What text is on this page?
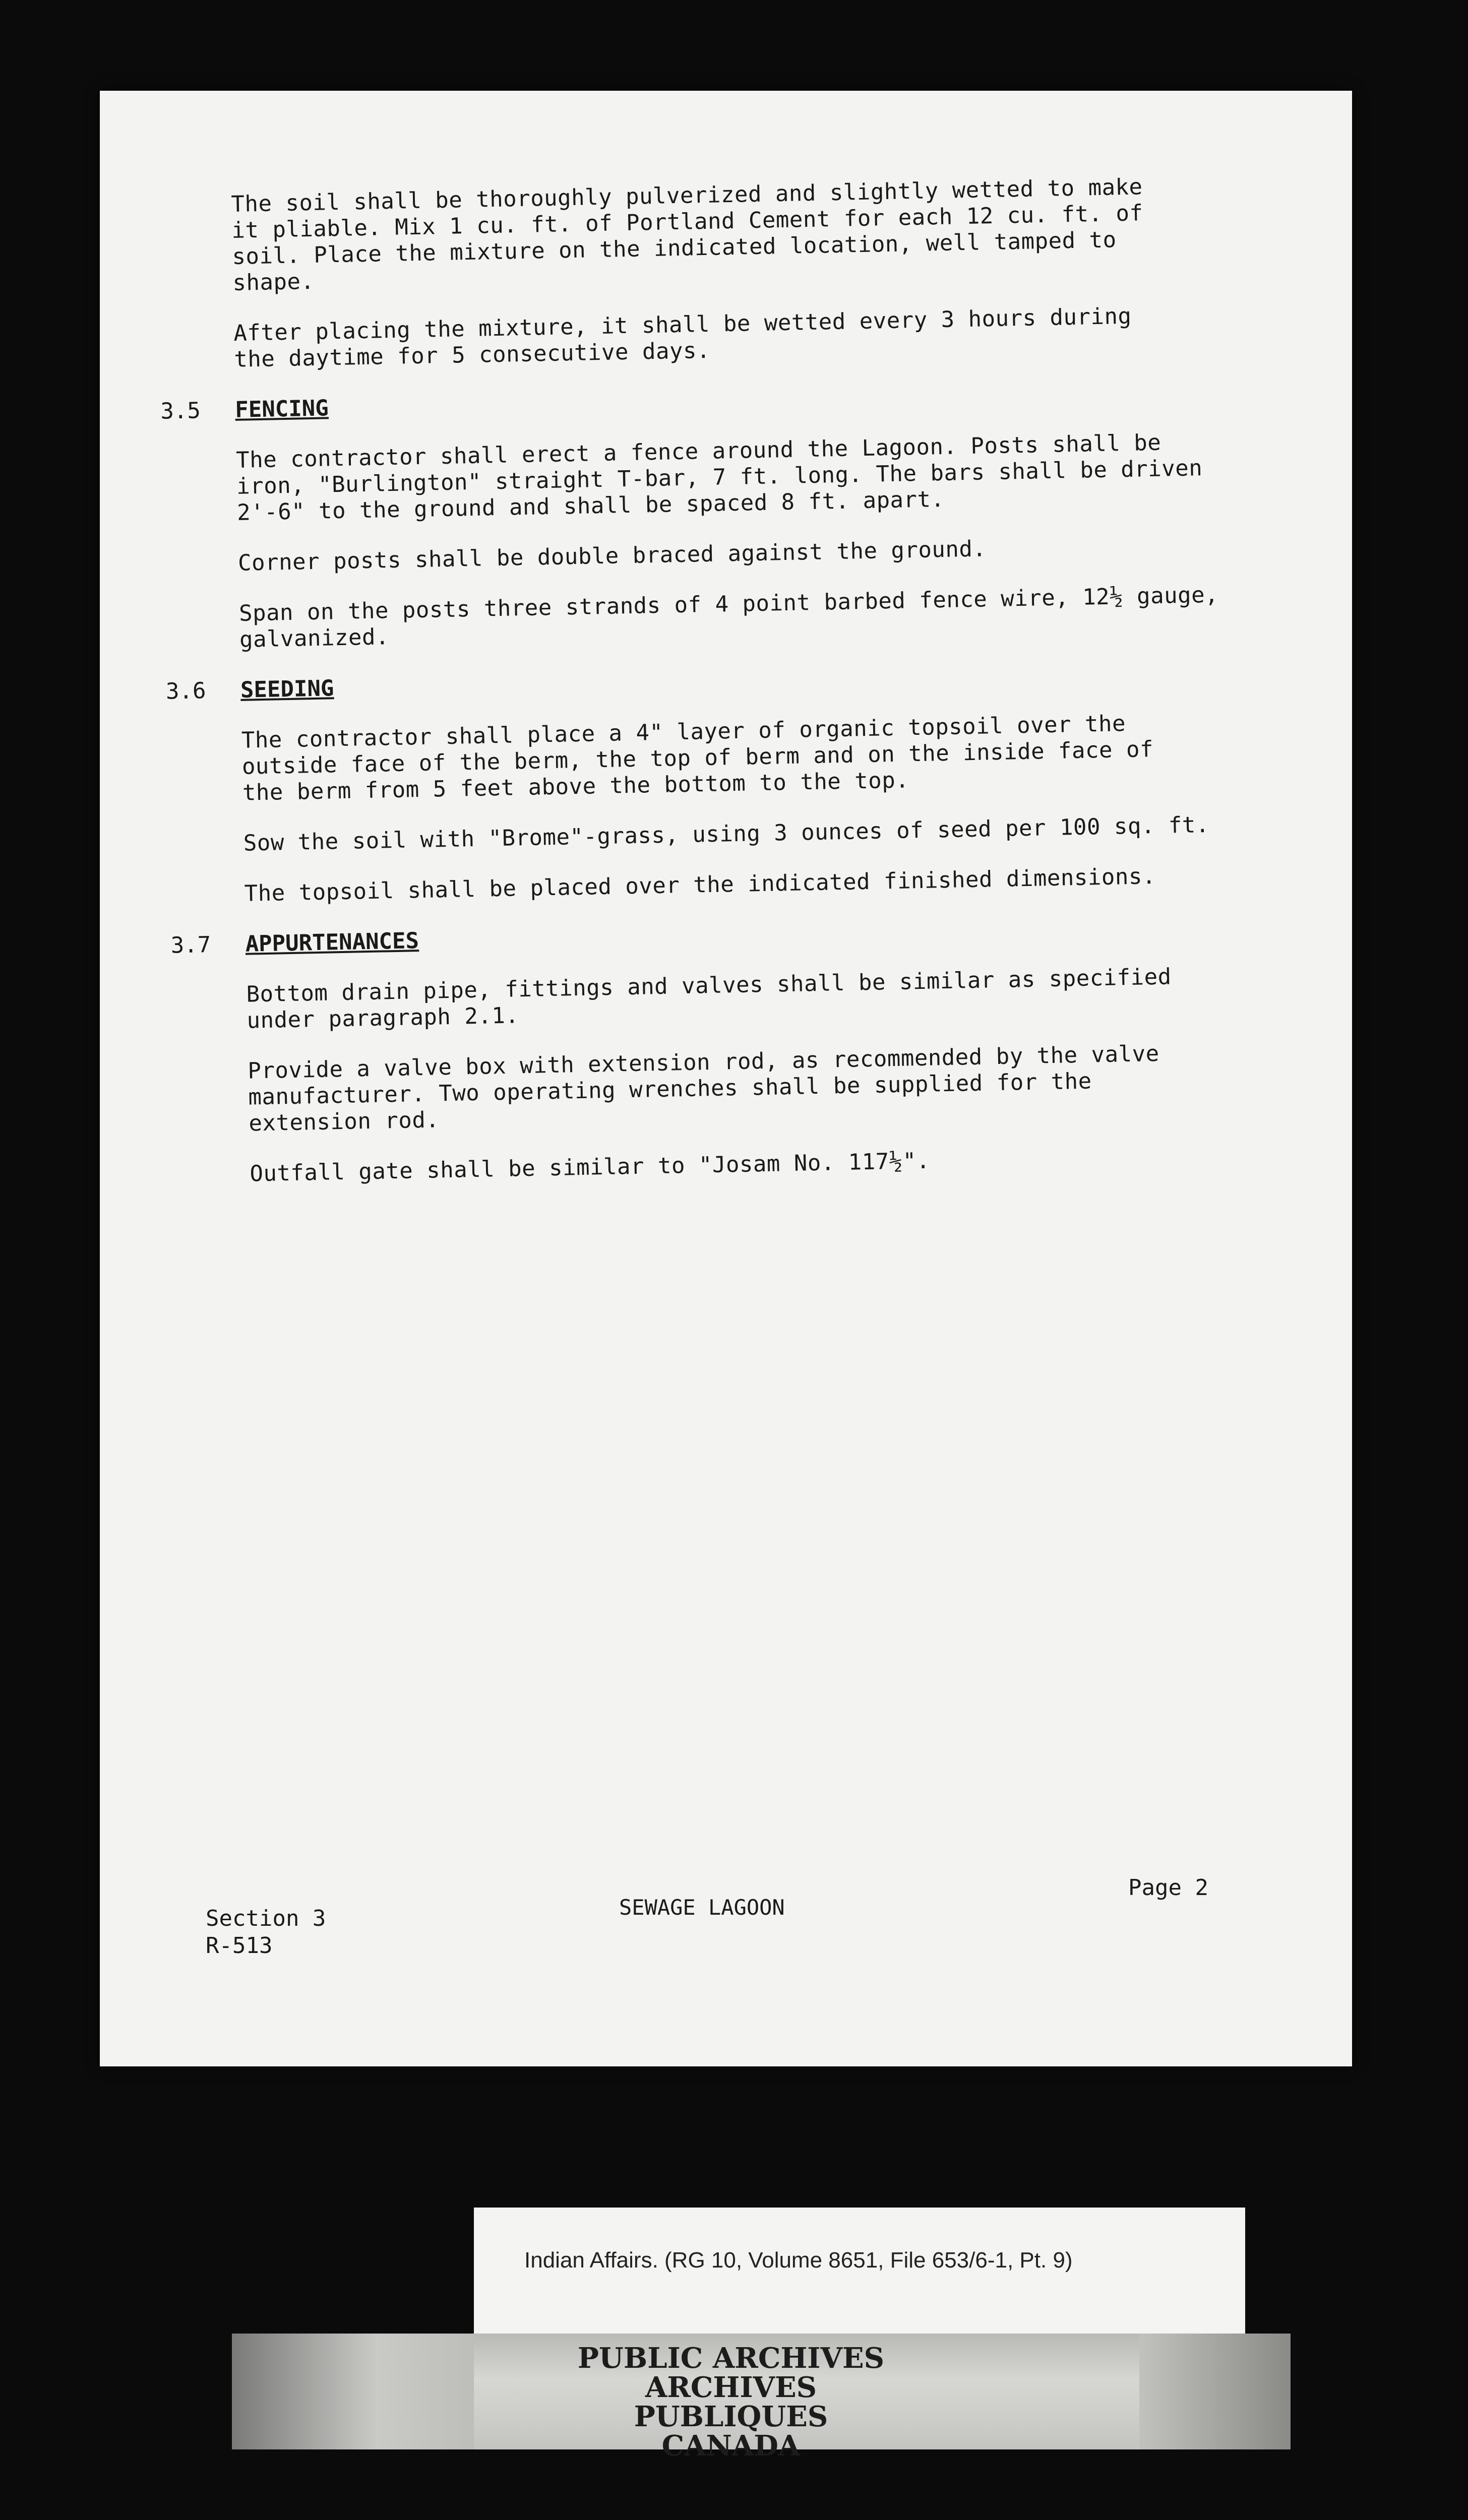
The soil shall be thoroughly pulverized and slightly wetted to make
it pliable. Mix 1 cu. ft. of Portland Cement for each 12 cu. ft. of
soil. Place the mixture on the indicated location, well tamped to
shape.

After placing the mixture, it shall be wetted every 3 hours during
the daytime for 5 consecutive days.

3.5 FENCING

The contractor shall erect a fence around the Lagoon. Posts shall be
iron, "Burlington" straight T-bar, 7 ft. long. The bars shall be driven
2'-6" to the ground and shall be spaced 8 ft. apart.

Corner posts shall be double braced against the ground.

Span on the posts three strands of 4 point barbed fence wire, 12½ gauge,
galvanized.

3.6 SEEDING

The contractor shall place a 4" layer of organic topsoil over the
outside face of the berm, the top of berm and on the inside face of
the berm from 5 feet above the bottom to the top.

Sow the soil with "Brome"-grass, using 3 ounces of seed per 100 sq. ft.

The topsoil shall be placed over the indicated finished dimensions.

3.7 APPURTENANCES

Bottom drain pipe, fittings and valves shall be similar as specified
under paragraph 2.1.

Provide a valve box with extension rod, as recommended by the valve
manufacturer. Two operating wrenches shall be supplied for the
extension rod.

Outfall gate shall be similar to "Josam No. 117½".

Section 3
R-513
SEWAGE LAGOON
Page 2
Indian Affairs. (RG 10, Volume 8651, File 653/6-1, Pt. 9)
PUBLIC ARCHIVES
ARCHIVES PUBLIQUES
CANADA
